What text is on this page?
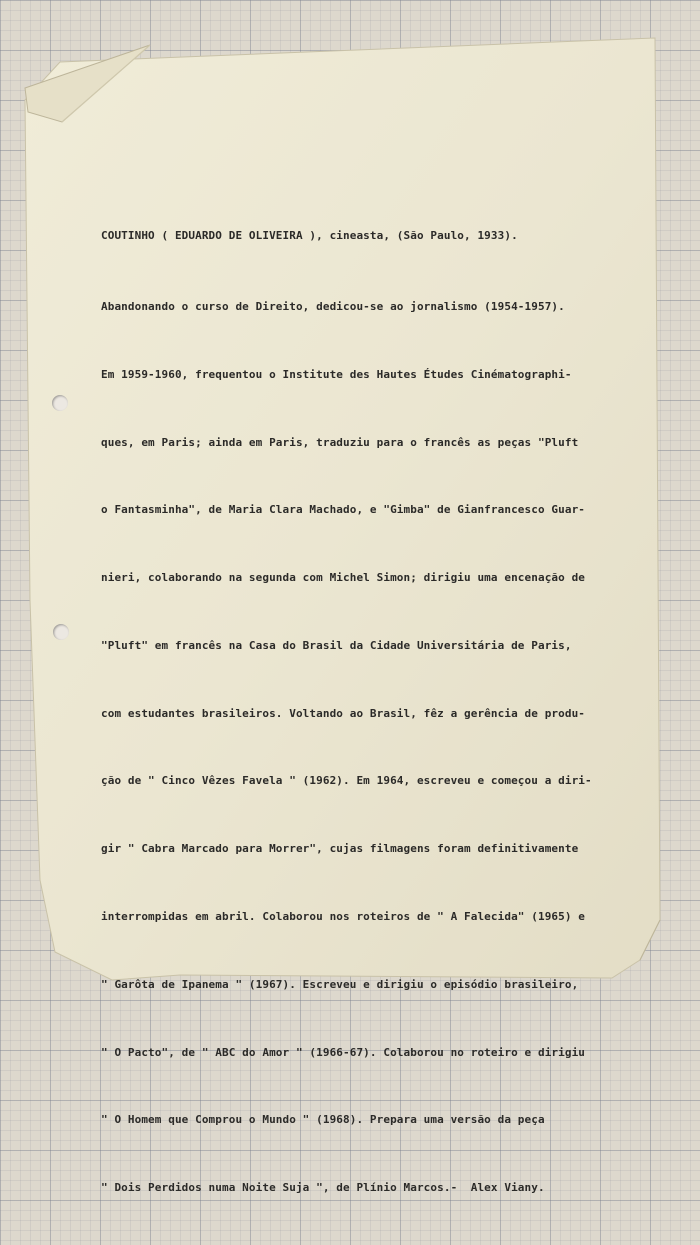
COUTINHO ( EDUARDO DE OLIVEIRA ), cineasta, (São Paulo, 1933).

Abandonando o curso de Direito, dedicou-se ao jornalismo (1954-1957).

Em 1959-1960, frequentou o Institute des Hautes Études Cinématographi-

ques, em Paris; ainda em Paris, traduziu para o francês as peças "Pluft

o Fantasminha", de Maria Clara Machado, e "Gimba" de Gianfrancesco Guar-

nieri, colaborando na segunda com Michel Simon; dirigiu uma encenação de

"Pluft" em francês na Casa do Brasil da Cidade Universitária de Paris,

com estudantes brasileiros. Voltando ao Brasil, fêz a gerência de produ-

ção de " Cinco Vêzes Favela " (1962). Em 1964, escreveu e começou a diri-

gir " Cabra Marcado para Morrer", cujas filmagens foram definitivamente

interrompidas em abril. Colaborou nos roteiros de " A Falecida" (1965) e

" Garôta de Ipanema " (1967). Escreveu e dirigiu o episódio brasileiro,

" O Pacto", de " ABC do Amor " (1966-67). Colaborou no roteiro e dirigiu

" O Homem que Comprou o Mundo " (1968). Prepara uma versão da peça

" Dois Perdidos numa Noite Suja ", de Plínio Marcos.-  Alex Viany.
